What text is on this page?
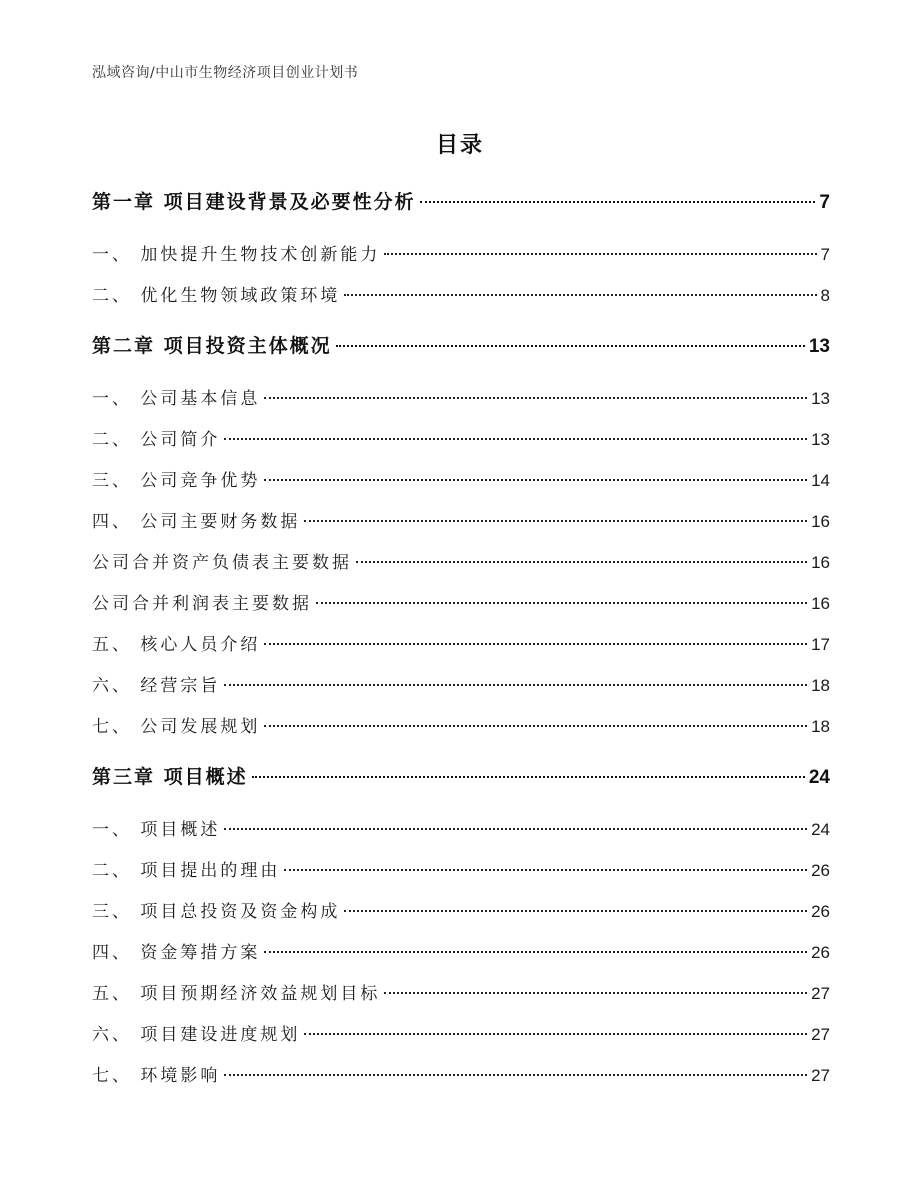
泓域咨询/中山市生物经济项目创业计划书
目录
第一章 项目建设背景及必要性分析	7
一、 加快提升生物技术创新能力	7
二、 优化生物领域政策环境	8
第二章 项目投资主体概况	13
一、 公司基本信息	13
二、 公司简介	13
三、 公司竞争优势	14
四、 公司主要财务数据	16
公司合并资产负债表主要数据	16
公司合并利润表主要数据	16
五、 核心人员介绍	17
六、 经营宗旨	18
七、 公司发展规划	18
第三章 项目概述	24
一、 项目概述	24
二、 项目提出的理由	26
三、 项目总投资及资金构成	26
四、 资金筹措方案	26
五、 项目预期经济效益规划目标	27
六、 项目建设进度规划	27
七、 环境影响	27
